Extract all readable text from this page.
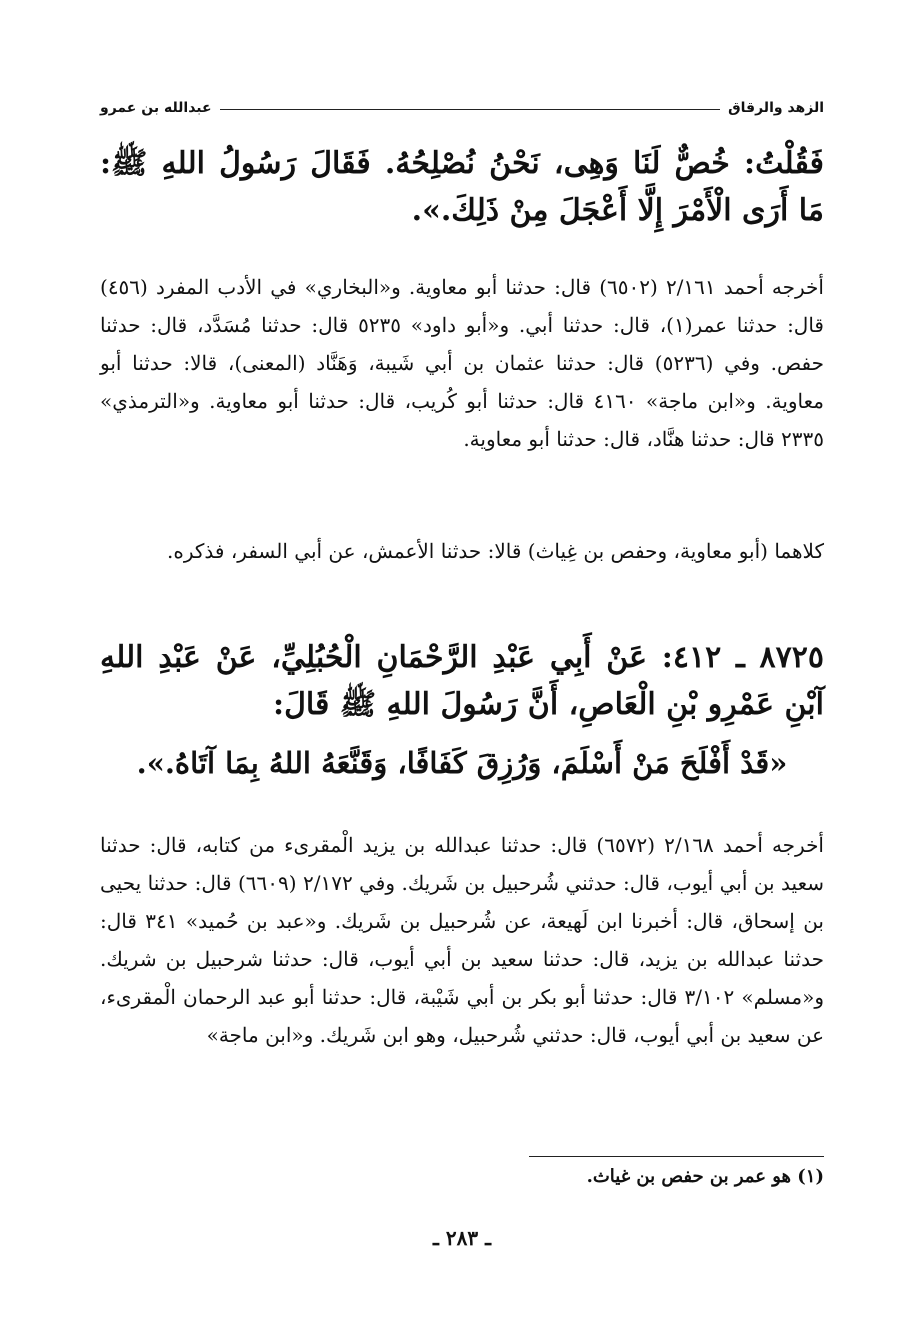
الزهد والرقاق
عبدالله بن عمرو
فَقُلْتُ: خُصٌّ لَنَا وَهِى، نَحْنُ نُصْلِحُهُ. فَقَالَ رَسُولُ اللهِ ﷺ: مَا أَرَى الْأَمْرَ إِلَّا أَعْجَلَ مِنْ ذَلِكَ.».
أخرجه أحمد ٢/١٦١ (٦٥٠٢) قال: حدثنا أبو معاوية. و«البخاري» في الأدب المفرد (٤٥٦) قال: حدثنا عمر(١)، قال: حدثنا أبي. و«أبو داود» ٥٢٣٥ قال: حدثنا مُسَدَّد، قال: حدثنا حفص. وفي (٥٢٣٦) قال: حدثنا عثمان بن أبي شَيبة، وَهَنَّاد (المعنى)، قالا: حدثنا أبو معاوية. و«ابن ماجة» ٤١٦٠ قال: حدثنا أبو كُريب، قال: حدثنا أبو معاوية. و«الترمذي» ٢٣٣٥ قال: حدثنا هنَّاد، قال: حدثنا أبو معاوية.
كلاهما (أبو معاوية، وحفص بن غِياث) قالا: حدثنا الأعمش، عن أبي السفر، فذكره.
٨٧٢٥ ـ ٤١٢: عَنْ أَبِي عَبْدِ الرَّحْمَانِ الْحُبُلِيِّ، عَنْ عَبْدِ اللهِ آبْنِ عَمْرِو بْنِ الْعَاصِ، أَنَّ رَسُولَ اللهِ ﷺ قَالَ:
«قَدْ أَفْلَحَ مَنْ أَسْلَمَ، وَرُزِقَ كَفَافًا، وَقَنَّعَهُ اللهُ بِمَا آتَاهُ.».
أخرجه أحمد ٢/١٦٨ (٦٥٧٢) قال: حدثنا عبدالله بن يزيد الْمقرىء من كتابه، قال: حدثنا سعيد بن أبي أيوب، قال: حدثني شُرحبيل بن شَريك. وفي ٢/١٧٢ (٦٦٠٩) قال: حدثنا يحيى بن إسحاق، قال: أخبرنا ابن لَهيعة، عن شُرحبيل بن شَريك. و«عبد بن حُميد» ٣٤١ قال: حدثنا عبدالله بن يزيد، قال: حدثنا سعيد بن أبي أيوب، قال: حدثنا شرحبيل بن شريك. و«مسلم» ٣/١٠٢ قال: حدثنا أبو بكر بن أبي شَيْبة، قال: حدثنا أبو عبد الرحمان الْمقرىء، عن سعيد بن أبي أيوب، قال: حدثني شُرحبيل، وهو ابن شَريك. و«ابن ماجة»
(١) هو عمر بن حفص بن غياث.
ـ ٢٨٣ ـ
